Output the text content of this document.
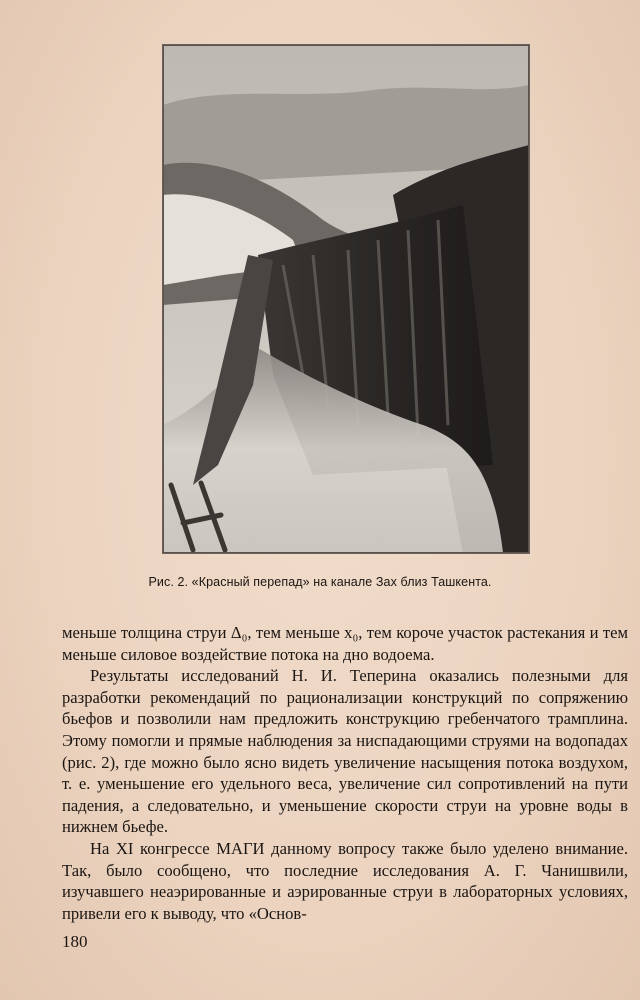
Рис. 2. «Красный перепад» на канале Зах близ Ташкента.

меньше толщина струи Δ₀, тем меньше x₀, тем короче участок растекания и тем меньше силовое воздействие потока на дно водоема.

Результаты исследований Н. И. Теперина оказались полезными для разработки рекомендаций по рационализации конструкций по сопряжению бьефов и позволили нам предложить конструкцию гребенчатого трамплина. Этому помогли и прямые наблюдения за ниспадающими струями на водопадах (рис. 2), где можно было ясно видеть увеличение насыщения потока воздухом, т. е. уменьшение его удельного веса, увеличение сил сопротивлений на пути падения, а следовательно, и уменьшение скорости струи на уровне воды в нижнем бьефе.

На XI конгрессе МАГИ данному вопросу также было уделено внимание. Так, было сообщено, что последние исследования А. Г. Чанишвили, изучавшего неаэрированные и аэрированные струи в лабораторных условиях, привели его к выводу, что «Основ-

180
